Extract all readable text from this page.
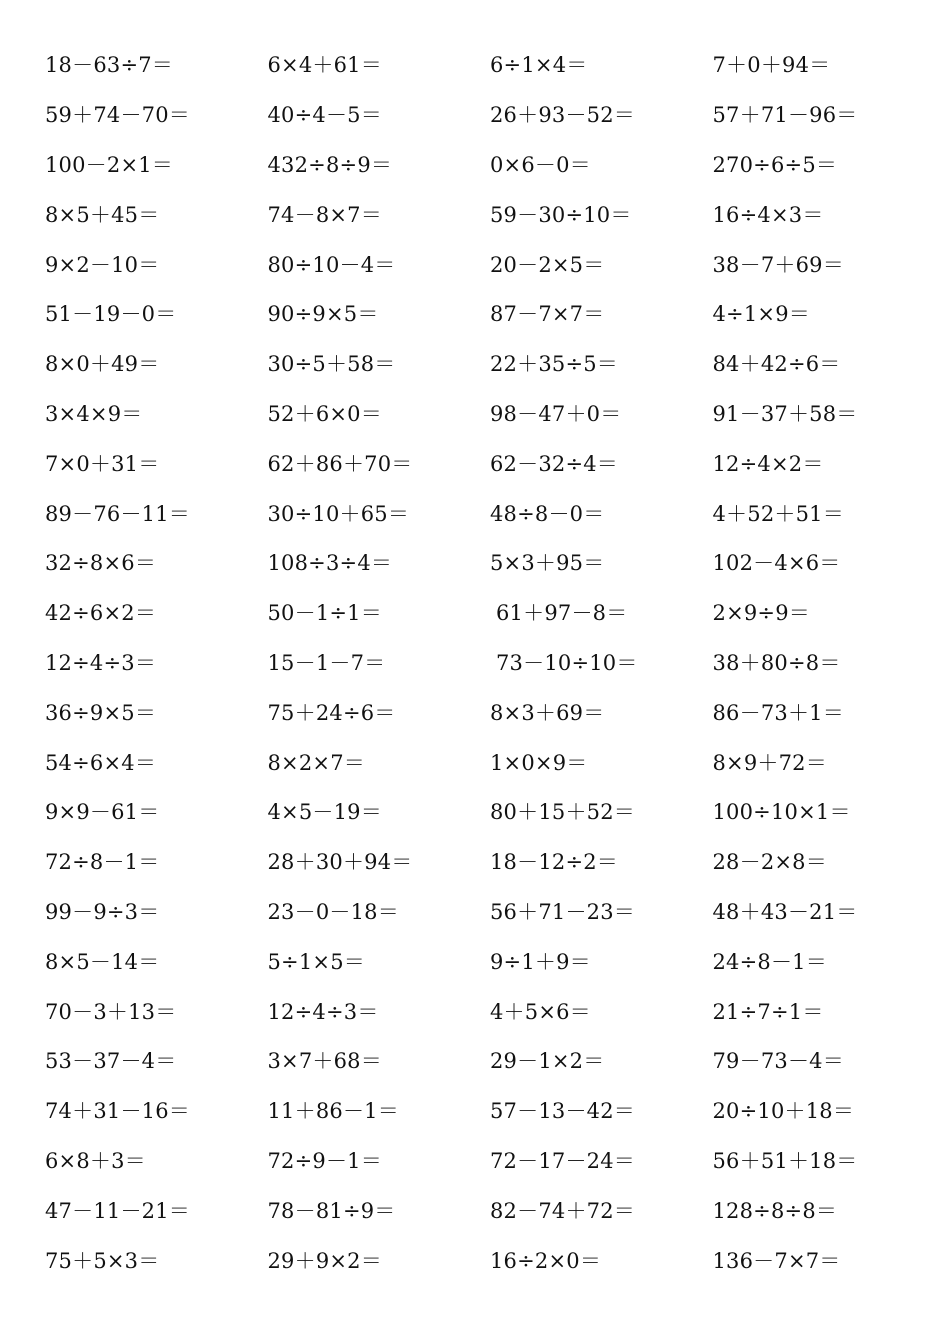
18－63÷7＝	6×4＋61＝	6÷1×4＝	7＋0＋94＝
59＋74－70＝	40÷4－5＝	26＋93－52＝	57＋71－96＝
100－2×1＝	432÷8÷9＝	0×6－0＝	270÷6÷5＝
8×5＋45＝	74－8×7＝	59－30÷10＝	16÷4×3＝
9×2－10＝	80÷10－4＝	20－2×5＝	38－7＋69＝
51－19－0＝	90÷9×5＝	87－7×7＝	4÷1×9＝
8×0＋49＝	30÷5＋58＝	22＋35÷5＝	84＋42÷6＝
3×4×9＝	52＋6×0＝	98－47＋0＝	91－37＋58＝
7×0＋31＝	62＋86＋70＝	62－32÷4＝	12÷4×2＝
89－76－11＝	30÷10＋65＝	48÷8－0＝	4＋52＋51＝
32÷8×6＝	108÷3÷4＝	5×3＋95＝	102－4×6＝
42÷6×2＝	50－1÷1＝	61＋97－8＝	2×9÷9＝
12÷4÷3＝	15－1－7＝	73－10÷10＝	38＋80÷8＝
36÷9×5＝	75＋24÷6＝	8×3＋69＝	86－73＋1＝
54÷6×4＝	8×2×7＝	1×0×9＝	8×9＋72＝
9×9－61＝	4×5－19＝	80＋15＋52＝	100÷10×1＝
72÷8－1＝	28＋30＋94＝	18－12÷2＝	28－2×8＝
99－9÷3＝	23－0－18＝	56＋71－23＝	48＋43－21＝
8×5－14＝	5÷1×5＝	9÷1＋9＝	24÷8－1＝
70－3＋13＝	12÷4÷3＝	4＋5×6＝	21÷7÷1＝
53－37－4＝	3×7＋68＝	29－1×2＝	79－73－4＝
74＋31－16＝	11＋86－1＝	57－13－42＝	20÷10＋18＝
6×8＋3＝	72÷9－1＝	72－17－24＝	56＋51＋18＝
47－11－21＝	78－81÷9＝	82－74＋72＝	128÷8÷8＝
75＋5×3＝	29＋9×2＝	16÷2×0＝	136－7×7＝
